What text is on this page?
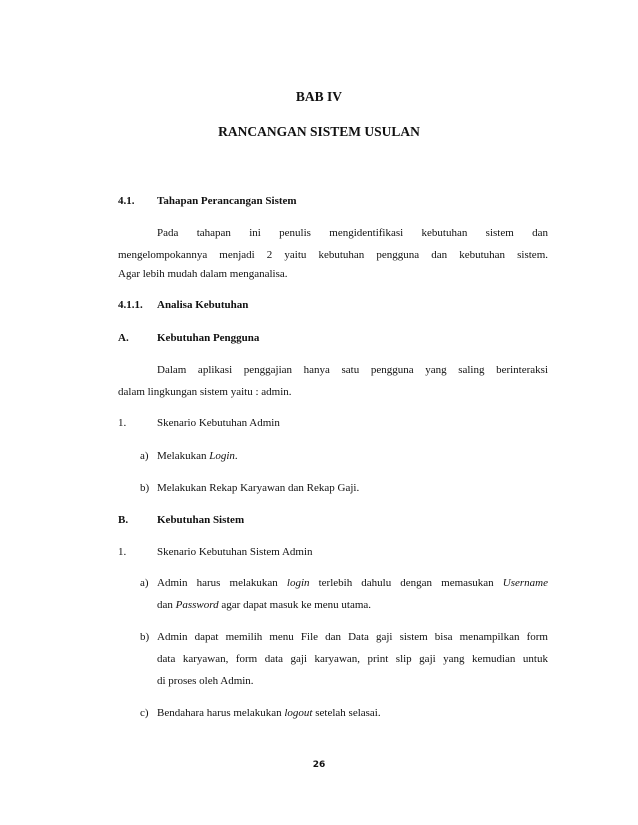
BAB IV
RANCANGAN SISTEM USULAN
4.1. Tahapan Perancangan Sistem
Pada tahapan ini penulis mengidentifikasi kebutuhan sistem dan
mengelompokannya menjadi 2 yaitu kebutuhan pengguna dan kebutuhan sistem.
Agar lebih mudah dalam menganalisa.
4.1.1. Analisa Kebutuhan
A.	Kebutuhan Pengguna
Dalam aplikasi penggajian hanya satu pengguna yang saling berinteraksi
dalam lingkungan sistem yaitu : admin.
1.	Skenario Kebutuhan Admin
a) Melakukan Login.
b) Melakukan Rekap Karyawan dan Rekap Gaji.
B.	Kebutuhan Sistem
1.	Skenario Kebutuhan Sistem Admin
a) Admin harus melakukan login terlebih dahulu dengan memasukan Username
dan Password agar dapat masuk ke menu utama.
b) Admin dapat memilih menu File dan Data gaji sistem bisa menampilkan form
data karyawan, form data gaji karyawan, print slip gaji yang kemudian untuk
di proses oleh Admin.
c) Bendahara harus melakukan logout setelah selasai.
26
